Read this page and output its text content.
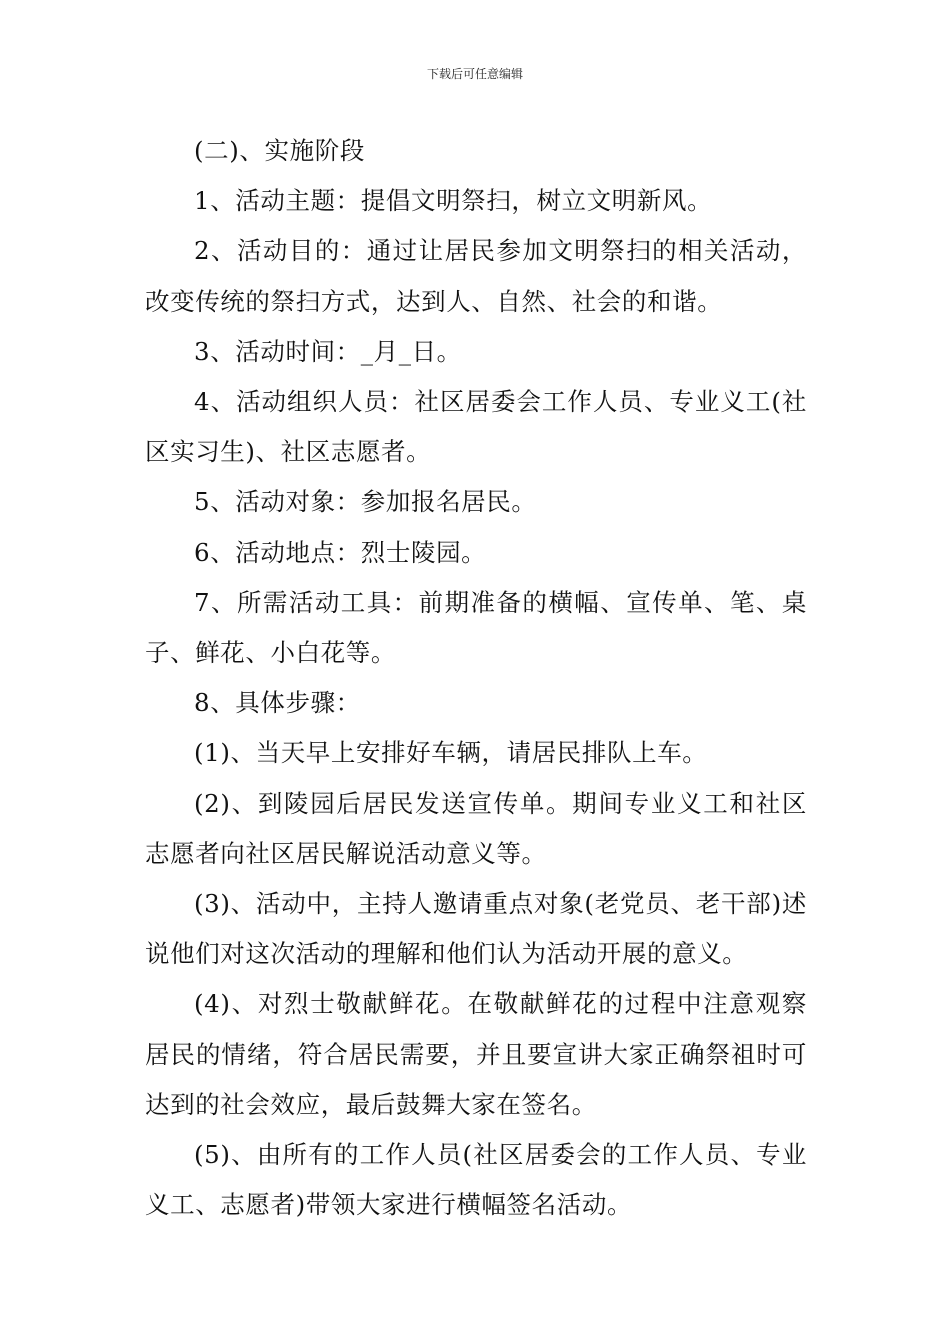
下载后可任意编辑

(二)、实施阶段

1、活动主题：提倡文明祭扫，树立文明新风。

2、活动目的：通过让居民参加文明祭扫的相关活动，改变传统的祭扫方式，达到人、自然、社会的和谐。

3、活动时间：_月_日。

4、活动组织人员：社区居委会工作人员、专业义工(社区实习生)、社区志愿者。

5、活动对象：参加报名居民。

6、活动地点：烈士陵园。

7、所需活动工具：前期准备的横幅、宣传单、笔、桌子、鲜花、小白花等。

8、具体步骤：

(1)、当天早上安排好车辆，请居民排队上车。

(2)、到陵园后居民发送宣传单。期间专业义工和社区志愿者向社区居民解说活动意义等。

(3)、活动中，主持人邀请重点对象(老党员、老干部)述说他们对这次活动的理解和他们认为活动开展的意义。

(4)、对烈士敬献鲜花。在敬献鲜花的过程中注意观察居民的情绪，符合居民需要，并且要宣讲大家正确祭祖时可达到的社会效应，最后鼓舞大家在签名。

(5)、由所有的工作人员(社区居委会的工作人员、专业义工、志愿者)带领大家进行横幅签名活动。
